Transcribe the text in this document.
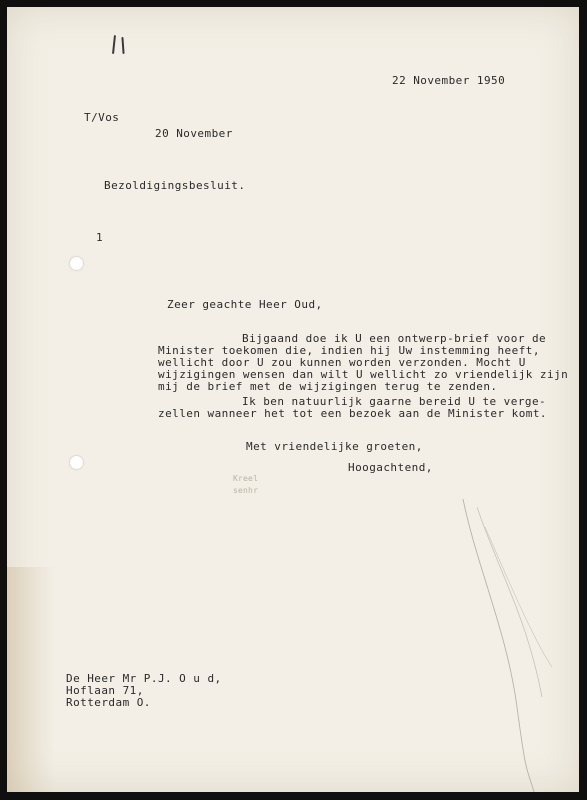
22 November 1950

T/Vos

20 November

Bezoldigingsbesluit.

1

Zeer geachte Heer Oud,

Bijgaand doe ik U een ontwerp-brief voor de
Minister toekomen die, indien hij Uw instemming heeft,
wellicht door U zou kunnen worden verzonden. Mocht U
wijzigingen wensen dan wilt U wellicht zo vriendelijk zijn
mij de brief met de wijzigingen terug te zenden.

Ik ben natuurlijk gaarne bereid U te verge-
zellen wanneer het tot een bezoek aan de Minister komt.

Met vriendelijke groeten,

Hoogachtend,

Kreel
senhr

De Heer Mr P.J. O u d,
Hoflaan 71,
Rotterdam O.
